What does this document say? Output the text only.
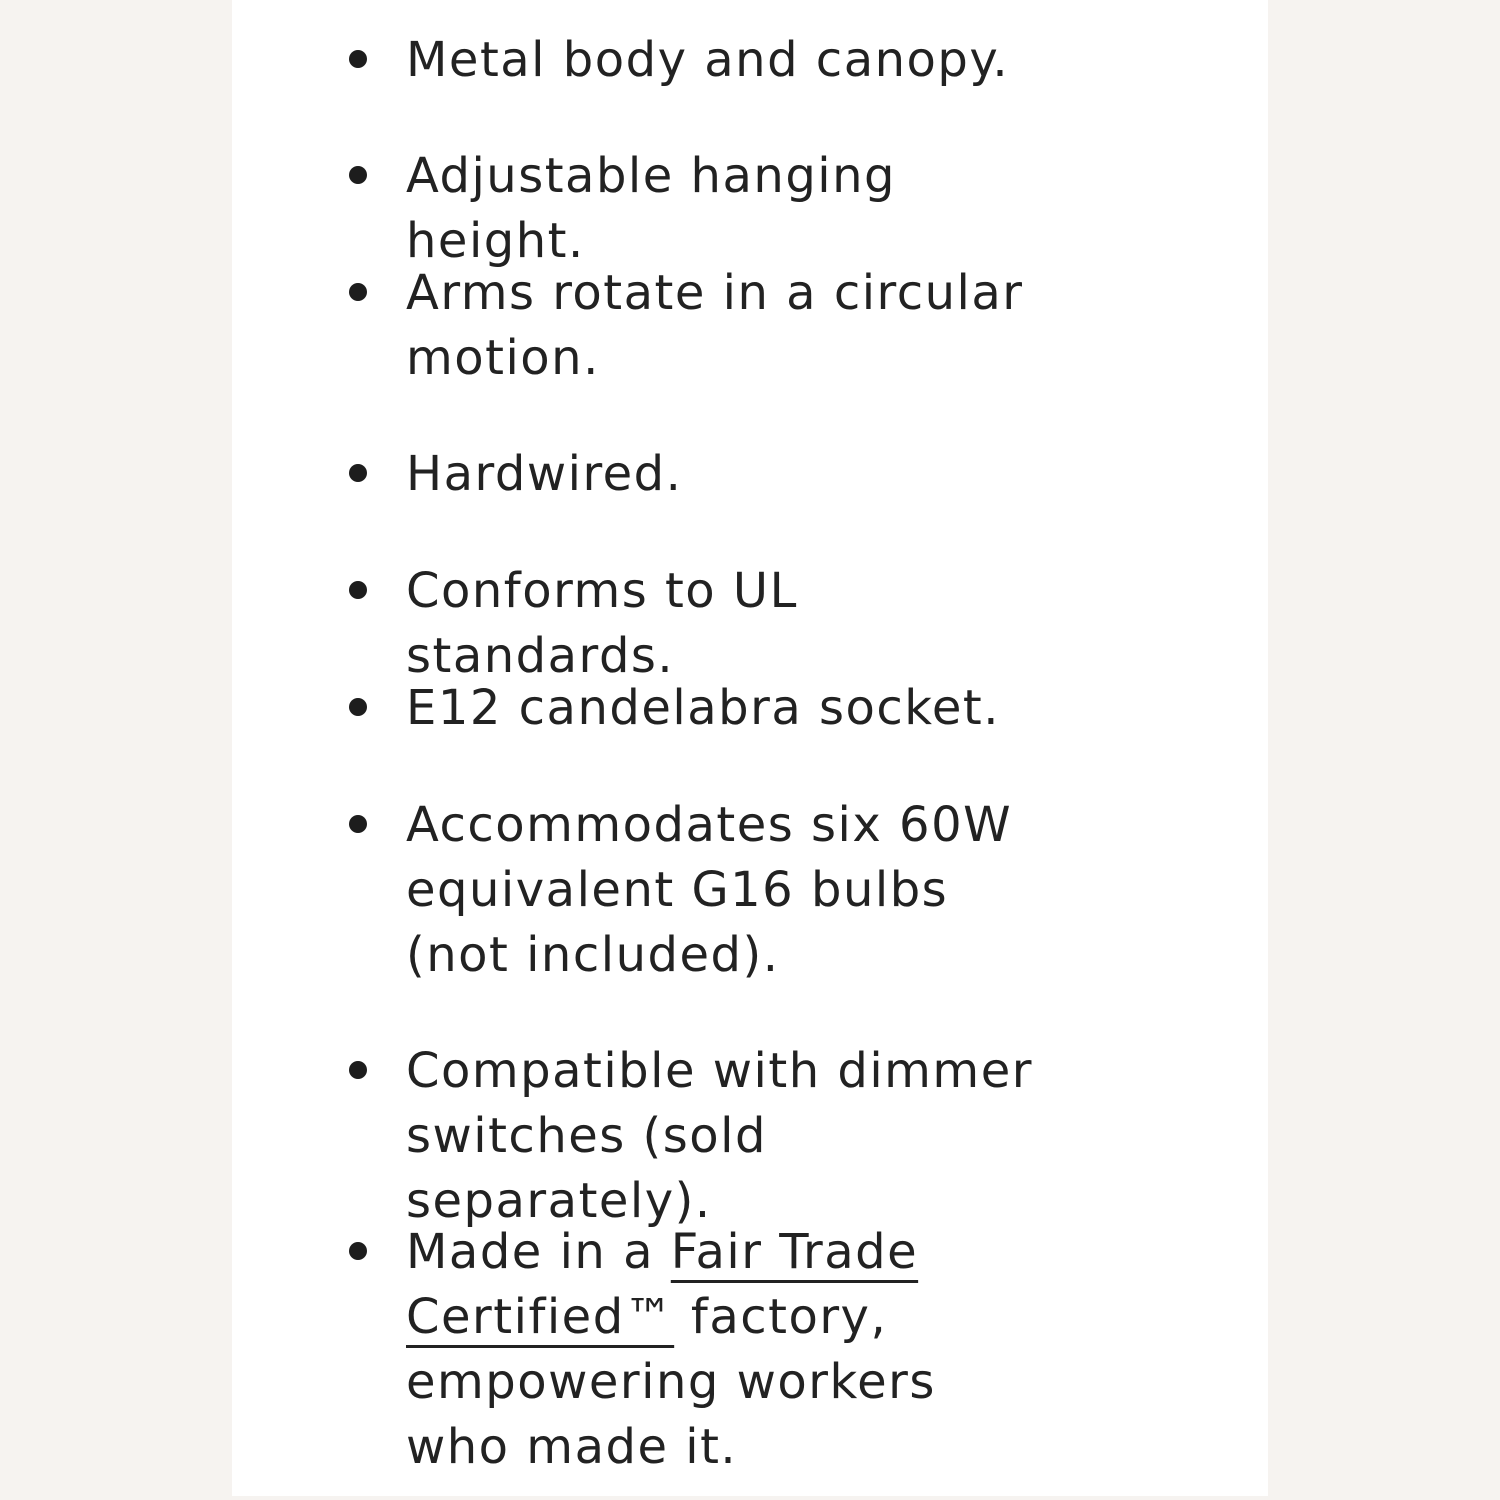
Metal body and canopy.
Adjustable hanging height.
Arms rotate in a circular motion.
Hardwired.
Conforms to UL standards.
E12 candelabra socket.
Accommodates six 60W equivalent G16 bulbs (not included).
Compatible with dimmer switches (sold separately).
Made in a Fair Trade Certified™ factory, empowering workers who made it.
